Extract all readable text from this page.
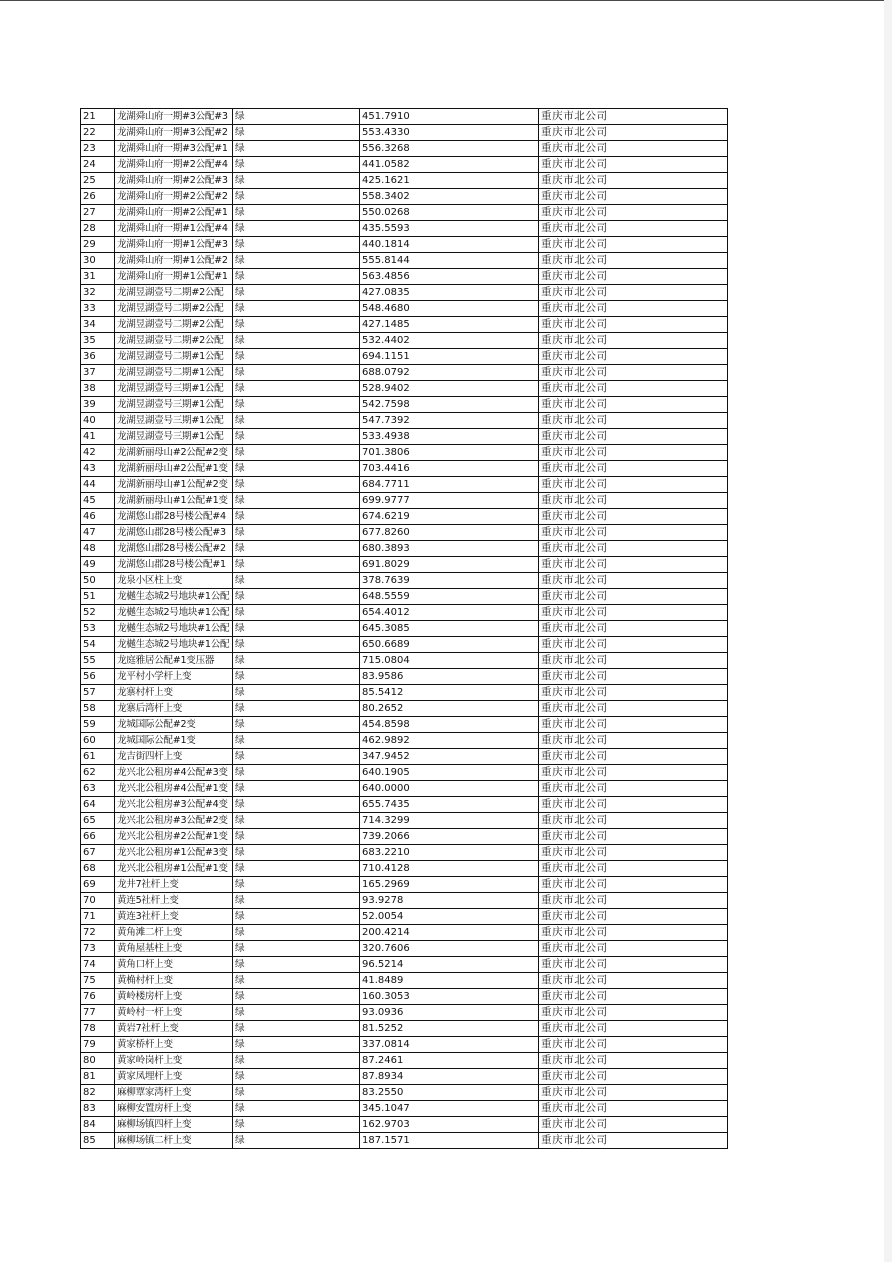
21	龙湖舜山府一期#3公配#3	绿	451.7910	重庆市北公司
22	龙湖舜山府一期#3公配#2	绿	553.4330	重庆市北公司
23	龙湖舜山府一期#3公配#1	绿	556.3268	重庆市北公司
24	龙湖舜山府一期#2公配#4	绿	441.0582	重庆市北公司
25	龙湖舜山府一期#2公配#3	绿	425.1621	重庆市北公司
26	龙湖舜山府一期#2公配#2	绿	558.3402	重庆市北公司
27	龙湖舜山府一期#2公配#1	绿	550.0268	重庆市北公司
28	龙湖舜山府一期#1公配#4	绿	435.5593	重庆市北公司
29	龙湖舜山府一期#1公配#3	绿	440.1814	重庆市北公司
30	龙湖舜山府一期#1公配#2	绿	555.8144	重庆市北公司
31	龙湖舜山府一期#1公配#1	绿	563.4856	重庆市北公司
32	龙湖昱湖壹号二期#2公配	绿	427.0835	重庆市北公司
33	龙湖昱湖壹号二期#2公配	绿	548.4680	重庆市北公司
34	龙湖昱湖壹号二期#2公配	绿	427.1485	重庆市北公司
35	龙湖昱湖壹号二期#2公配	绿	532.4402	重庆市北公司
36	龙湖昱湖壹号二期#1公配	绿	694.1151	重庆市北公司
37	龙湖昱湖壹号二期#1公配	绿	688.0792	重庆市北公司
38	龙湖昱湖壹号三期#1公配	绿	528.9402	重庆市北公司
39	龙湖昱湖壹号三期#1公配	绿	542.7598	重庆市北公司
40	龙湖昱湖壹号三期#1公配	绿	547.7392	重庆市北公司
41	龙湖昱湖壹号三期#1公配	绿	533.4938	重庆市北公司
42	龙湖新丽母山#2公配#2变	绿	701.3806	重庆市北公司
43	龙湖新丽母山#2公配#1变	绿	703.4416	重庆市北公司
44	龙湖新丽母山#1公配#2变	绿	684.7711	重庆市北公司
45	龙湖新丽母山#1公配#1变	绿	699.9777	重庆市北公司
46	龙湖悠山郡28号楼公配#4	绿	674.6219	重庆市北公司
47	龙湖悠山郡28号楼公配#3	绿	677.8260	重庆市北公司
48	龙湖悠山郡28号楼公配#2	绿	680.3893	重庆市北公司
49	龙湖悠山郡28号楼公配#1	绿	691.8029	重庆市北公司
50	龙泉小区柱上变	绿	378.7639	重庆市北公司
51	龙樾生态城2号地块#1公配	绿	648.5559	重庆市北公司
52	龙樾生态城2号地块#1公配	绿	654.4012	重庆市北公司
53	龙樾生态城2号地块#1公配	绿	645.3085	重庆市北公司
54	龙樾生态城2号地块#1公配	绿	650.6689	重庆市北公司
55	龙庭雅居公配#1变压器	绿	715.0804	重庆市北公司
56	龙平村小学杆上变	绿	83.9586	重庆市北公司
57	龙寨村杆上变	绿	85.5412	重庆市北公司
58	龙寨后湾杆上变	绿	80.2652	重庆市北公司
59	龙城国际公配#2变	绿	454.8598	重庆市北公司
60	龙城国际公配#1变	绿	462.9892	重庆市北公司
61	龙吉街四杆上变	绿	347.9452	重庆市北公司
62	龙兴北公租房#4公配#3变	绿	640.1905	重庆市北公司
63	龙兴北公租房#4公配#1变	绿	640.0000	重庆市北公司
64	龙兴北公租房#3公配#4变	绿	655.7435	重庆市北公司
65	龙兴北公租房#3公配#2变	绿	714.3299	重庆市北公司
66	龙兴北公租房#2公配#1变	绿	739.2066	重庆市北公司
67	龙兴北公租房#1公配#3变	绿	683.2210	重庆市北公司
68	龙兴北公租房#1公配#1变	绿	710.4128	重庆市北公司
69	龙井7社杆上变	绿	165.2969	重庆市北公司
70	黄连5社杆上变	绿	93.9278	重庆市北公司
71	黄连3社杆上变	绿	52.0054	重庆市北公司
72	黄角滩二杆上变	绿	200.4214	重庆市北公司
73	黄角屋基柱上变	绿	320.7606	重庆市北公司
74	黄角口杆上变	绿	96.5214	重庆市北公司
75	黄桷村杆上变	绿	41.8489	重庆市北公司
76	黄岭楼房杆上变	绿	160.3053	重庆市北公司
77	黄岭村一杆上变	绿	93.0936	重庆市北公司
78	黄岩7社杆上变	绿	81.5252	重庆市北公司
79	黄家桥杆上变	绿	337.0814	重庆市北公司
80	黄家岭岗杆上变	绿	87.2461	重庆市北公司
81	黄家凤埋杆上变	绿	87.8934	重庆市北公司
82	麻柳覃家湾杆上变	绿	83.2550	重庆市北公司
83	麻柳安置房杆上变	绿	345.1047	重庆市北公司
84	麻柳场镇四杆上变	绿	162.9703	重庆市北公司
85	麻柳场镇二杆上变	绿	187.1571	重庆市北公司
